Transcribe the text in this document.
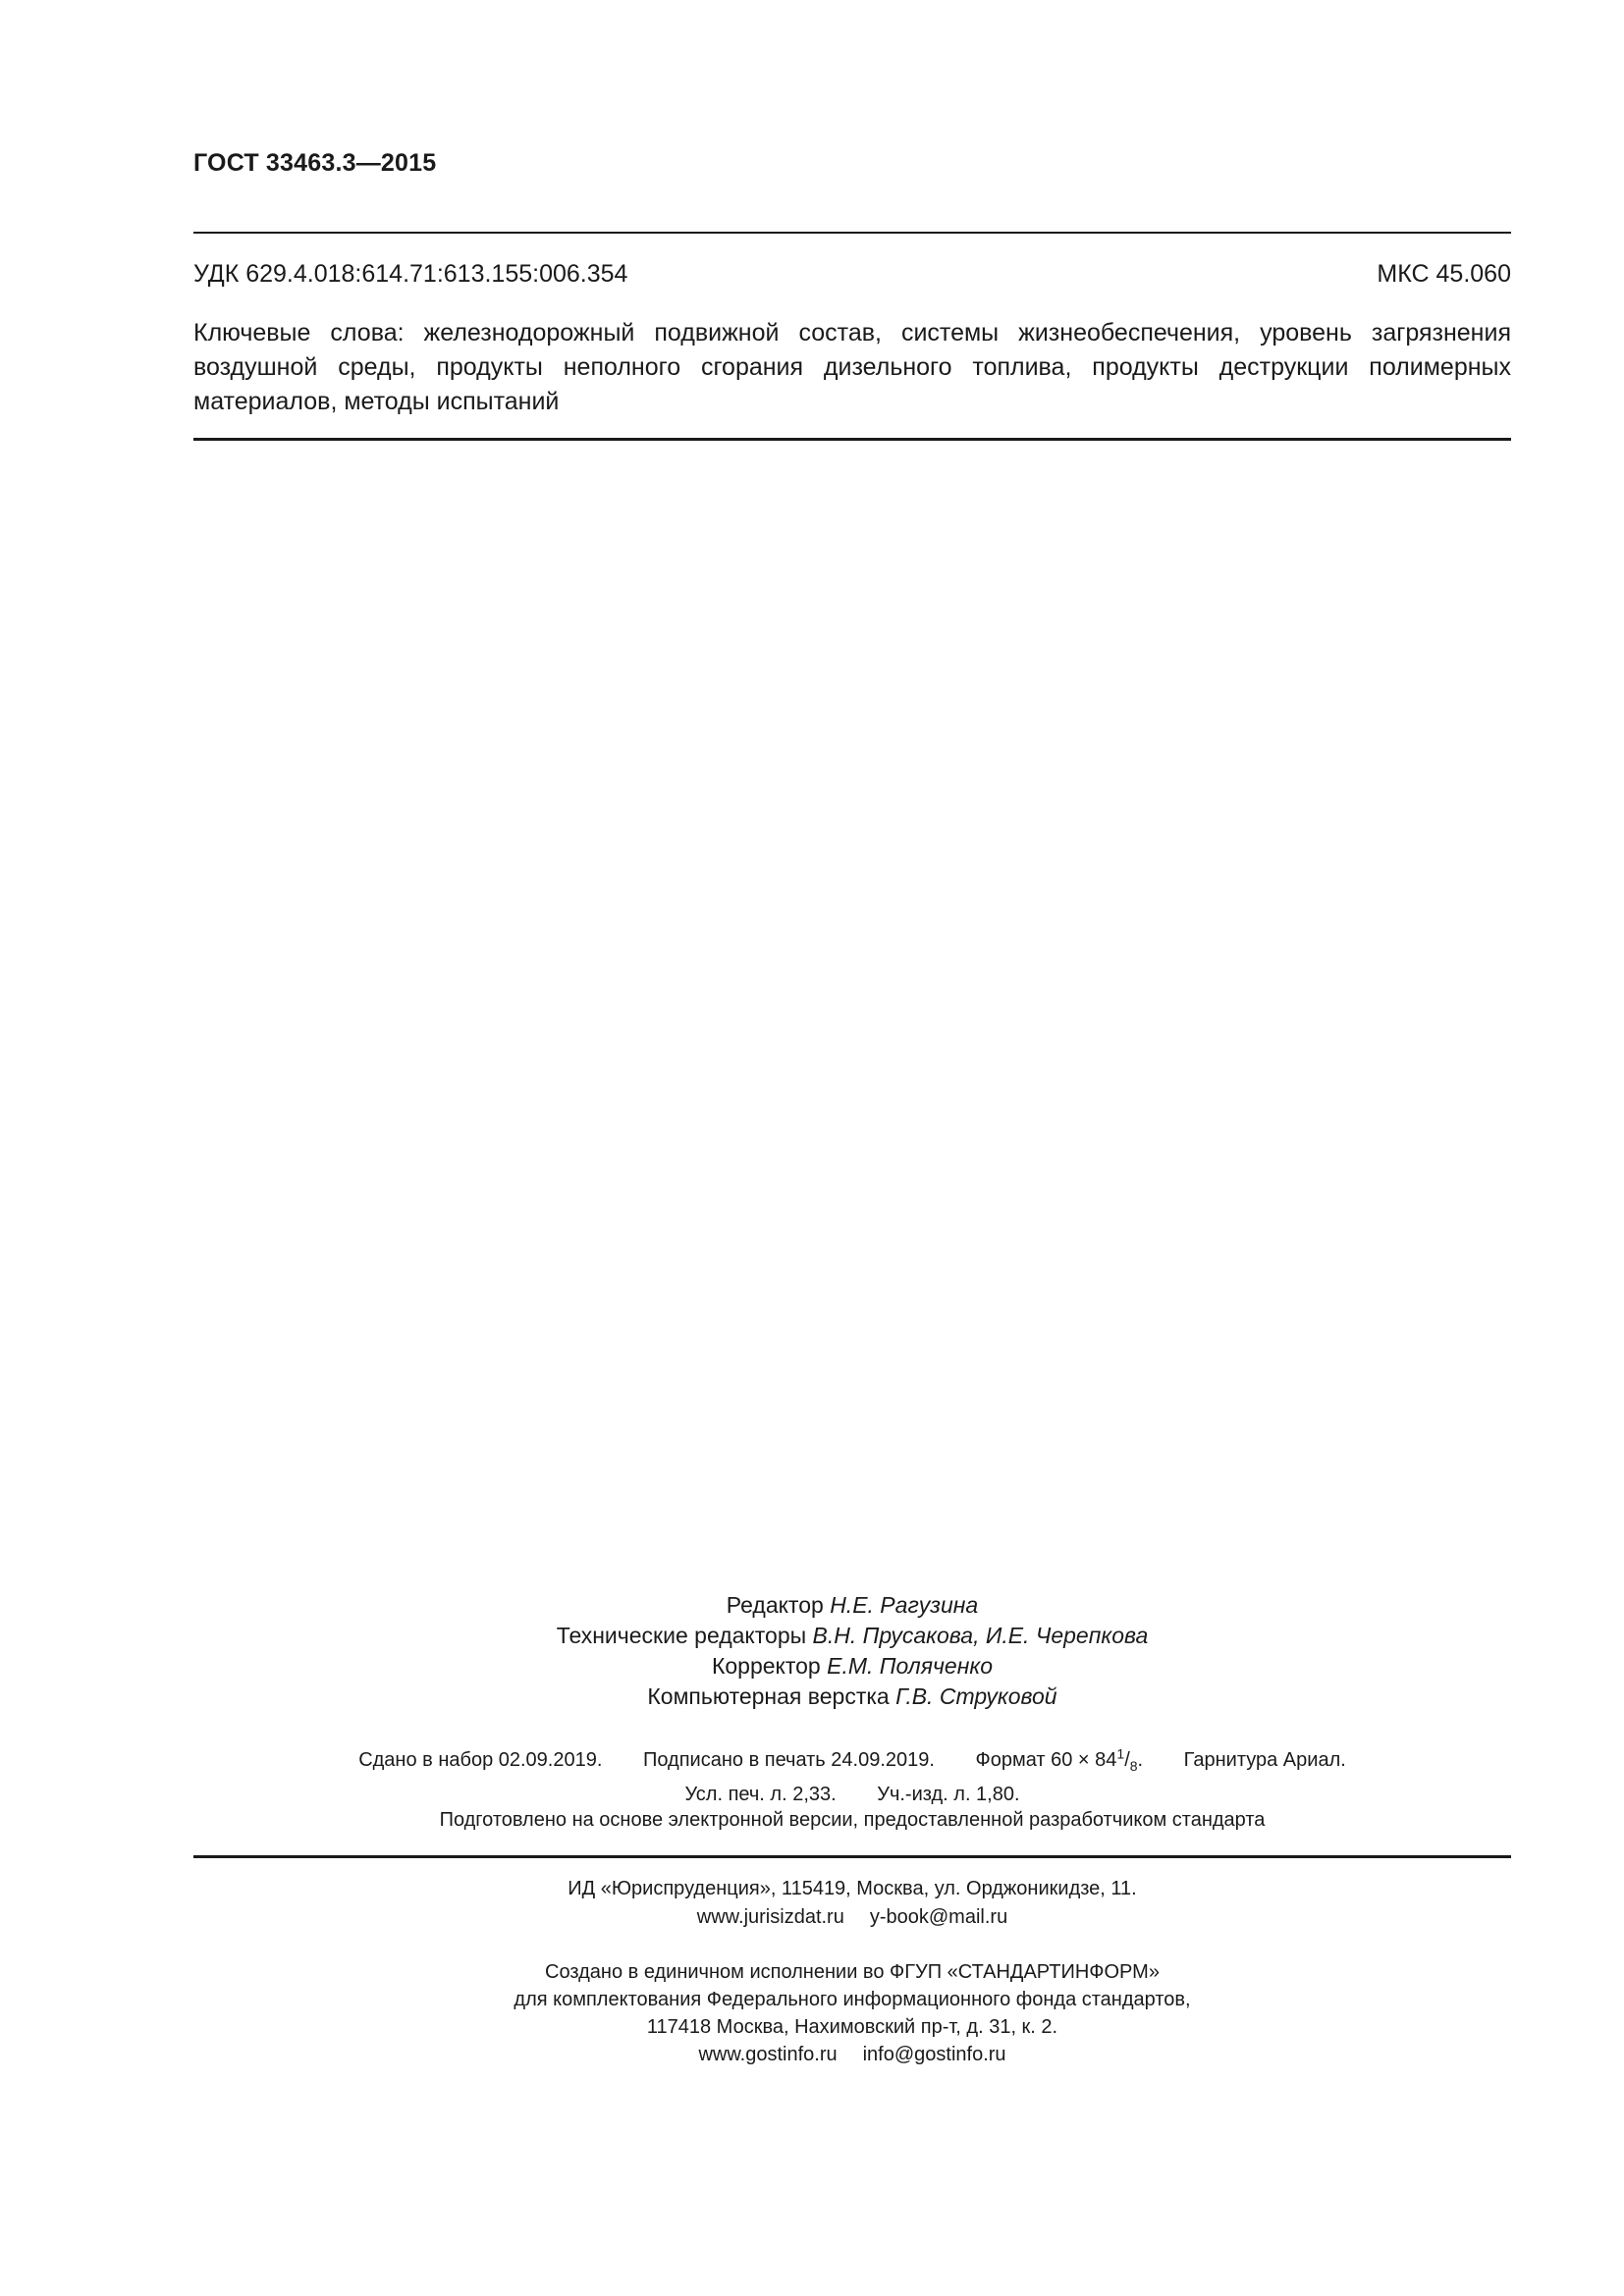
ГОСТ 33463.3—2015
УДК 629.4.018:614.71:613.155:006.354	МКС 45.060
Ключевые слова: железнодорожный подвижной состав, системы жизнеобеспечения, уровень загрязнения воздушной среды, продукты неполного сгорания дизельного топлива, продукты деструкции полимерных материалов, методы испытаний
Редактор Н.Е. Рагузина
Технические редакторы В.Н. Прусакова, И.Е. Черепкова
Корректор Е.М. Поляченко
Компьютерная верстка Г.В. Струковой
Сдано в набор 02.09.2019. Подписано в печать 24.09.2019. Формат $60 \times 84^1/_8$. Гарнитура Ариал.
Усл. печ. л. 2,33. Уч.-изд. л. 1,80.
Подготовлено на основе электронной версии, предоставленной разработчиком стандарта
ИД «Юриспруденция», 115419, Москва, ул. Орджоникидзе, 11.
www.jurisizdat.ru y-book@mail.ru
Создано в единичном исполнении во ФГУП «СТАНДАРТИНФОРМ»
для комплектования Федерального информационного фонда стандартов,
117418 Москва, Нахимовский пр-т, д. 31, к. 2.
www.gostinfo.ru info@gostinfo.ru
